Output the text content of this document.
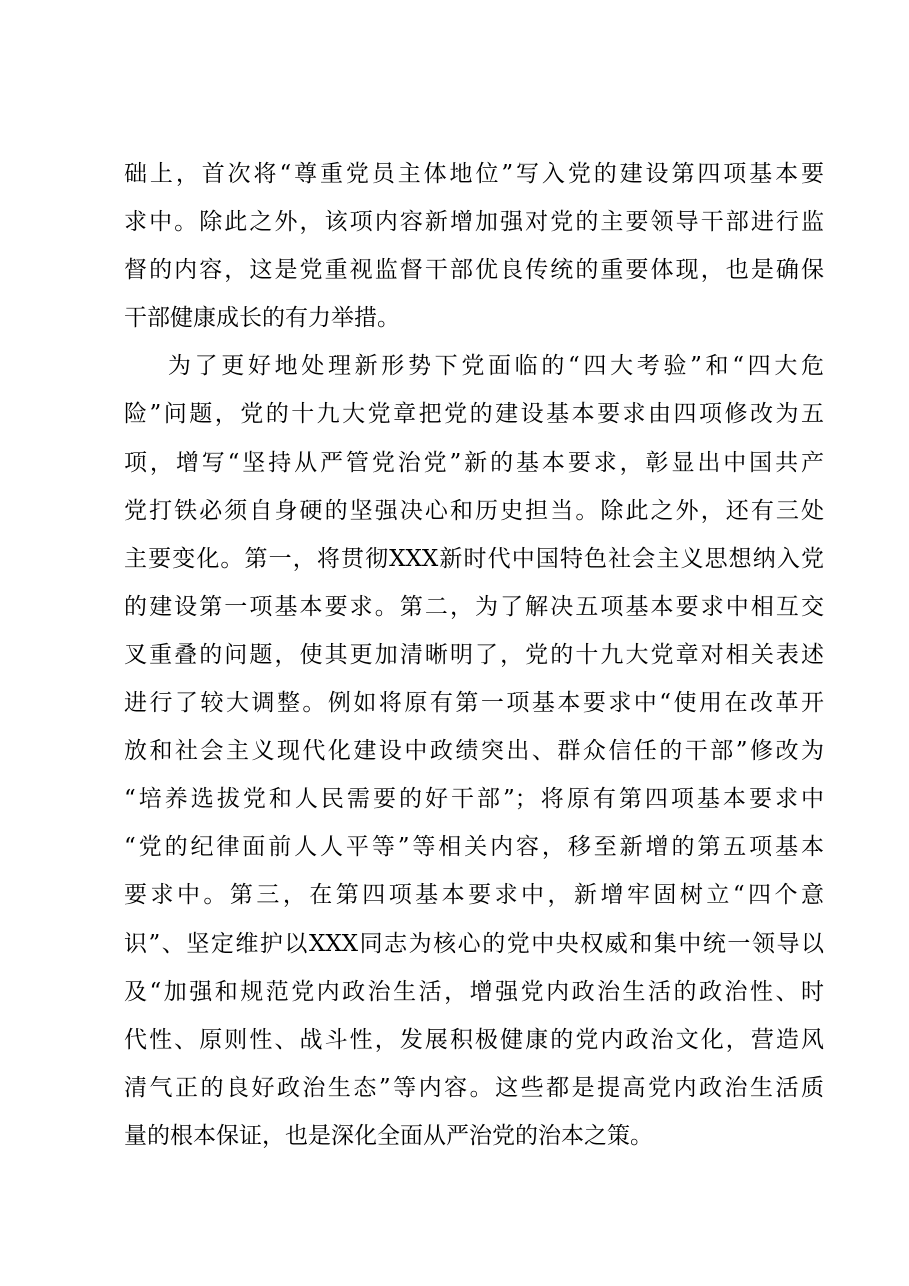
础上，首次将“尊重党员主体地位”写入党的建设第四项基本要
求中。除此之外，该项内容新增加强对党的主要领导干部进行监
督的内容，这是党重视监督干部优良传统的重要体现，也是确保
干部健康成长的有力举措。
为了更好地处理新形势下党面临的“四大考验”和“四大危
险”问题，党的十九大党章把党的建设基本要求由四项修改为五
项，增写“坚持从严管党治党”新的基本要求，彰显出中国共产
党打铁必须自身硬的坚强决心和历史担当。除此之外，还有三处
主要变化。第一，将贯彻XXX新时代中国特色社会主义思想纳入党
的建设第一项基本要求。第二，为了解决五项基本要求中相互交
叉重叠的问题，使其更加清晰明了，党的十九大党章对相关表述
进行了较大调整。例如将原有第一项基本要求中“使用在改革开
放和社会主义现代化建设中政绩突出、群众信任的干部”修改为
“培养选拔党和人民需要的好干部”；将原有第四项基本要求中
“党的纪律面前人人平等”等相关内容，移至新增的第五项基本
要求中。第三，在第四项基本要求中，新增牢固树立“四个意
识”、坚定维护以XXX同志为核心的党中央权威和集中统一领导以
及“加强和规范党内政治生活，增强党内政治生活的政治性、时
代性、原则性、战斗性，发展积极健康的党内政治文化，营造风
清气正的良好政治生态”等内容。这些都是提高党内政治生活质
量的根本保证，也是深化全面从严治党的治本之策。
